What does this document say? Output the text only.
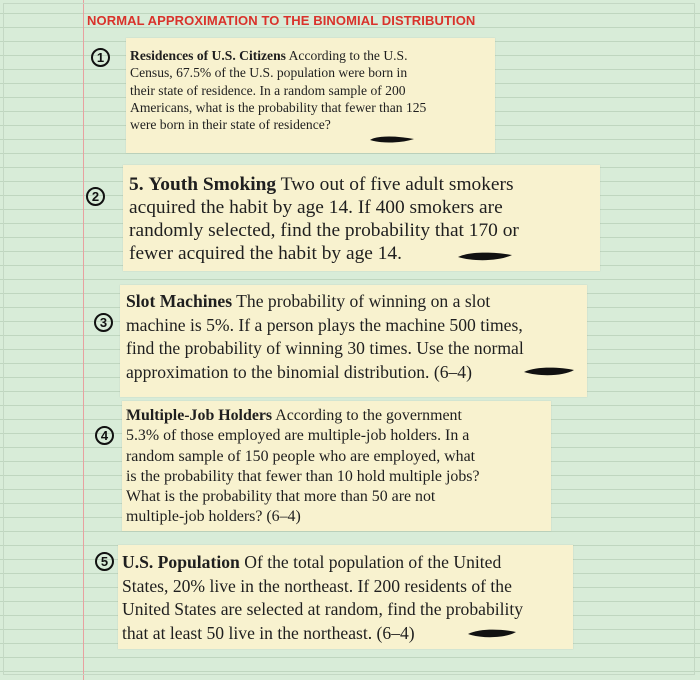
NORMAL APPROXIMATION TO THE BINOMIAL DISTRIBUTION
1	Residences of U.S. Citizens According to the U.S.
Census, 67.5% of the U.S. population were born in
their state of residence. In a random sample of 200
Americans, what is the probability that fewer than 125
were born in their state of residence?

2

5. Youth Smoking Two out of five adult smokers
acquired the habit by age 14. If 400 smokers are
randomly selected, find the probability that 170 or
fewer acquired the habit by age 14.

3

Slot Machines The probability of winning on a slot
machine is 5%. If a person plays the machine 500 times,
find the probability of winning 30 times. Use the normal
approximation to the binomial distribution. (6–4)

4

Multiple-Job Holders According to the government
5.3% of those employed are multiple-job holders. In a
random sample of 150 people who are employed, what
is the probability that fewer than 10 hold multiple jobs?
What is the probability that more than 50 are not
multiple-job holders? (6–4)

5 U.S. Population Of the total population of the United
States, 20% live in the northeast. If 200 residents of the
United States are selected at random, find the probability
that at least 50 live in the northeast. (6–4)
